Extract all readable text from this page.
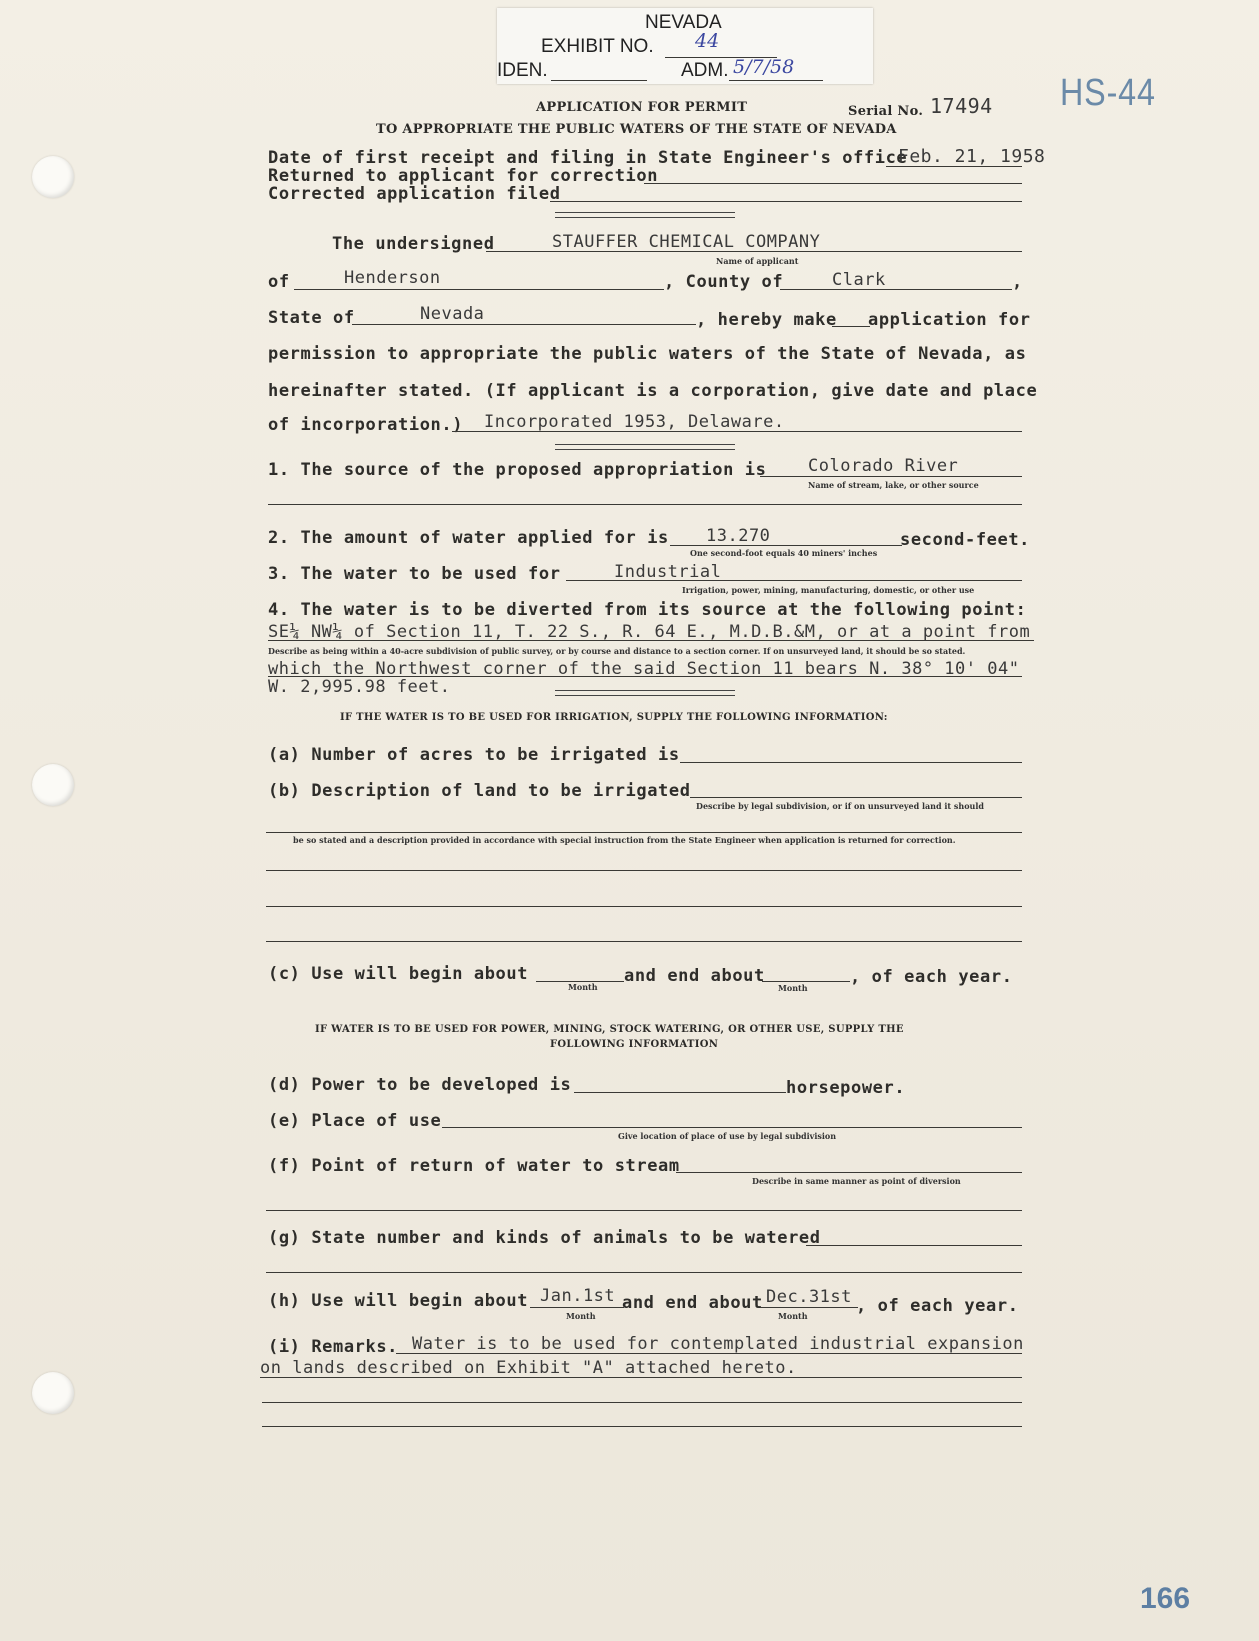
NEVADA
EXHIBIT NO. 44
IDEN.	ADM. 5/7/58
HS-44
APPLICATION FOR PERMIT	Serial No. 17494
TO APPROPRIATE THE PUBLIC WATERS OF THE STATE OF NEVADA
Date of first receipt and filing in State Engineer's office
Feb. 21, 1958
Returned to applicant for correction
Corrected application filed
The undersigned	STAUFFER CHEMICAL COMPANY
Name of applicant
of	Henderson	, County of	Clark	,
State of	Nevada	, hereby make application for
permission to appropriate the public waters of the State of Nevada, as
hereinafter stated. (If applicant is a corporation, give date and place
of incorporation.) Incorporated 1953, Delaware.
1. The source of the proposed appropriation is Colorado River
Name of stream, lake, or other source
2. The amount of water applied for is 13.270	second-feet.
One second-foot equals 40 miners' inches
3. The water to be used for	Industrial
Irrigation, power, mining, manufacturing, domestic, or other use
4. The water is to be diverted from its source at the following point:
SE¼ NW¼ of Section 11, T. 22 S., R. 64 E., M.D.B.&M, or at a point from
Describe as being within a 40-acre subdivision of public survey, or by course and distance to a section corner. If on unsurveyed land, it should be so stated.
which the Northwest corner of the said Section 11 bears N. 38° 10' 04"
W. 2,995.98 feet.
IF THE WATER IS TO BE USED FOR IRRIGATION, SUPPLY THE FOLLOWING INFORMATION:
(a) Number of acres to be irrigated is
(b) Description of land to be irrigated
Describe by legal subdivision, or if on unsurveyed land it should
be so stated and a description provided in accordance with special instruction from the State Engineer when application is returned for correction.
(c) Use will begin about
Month
and end about
Month
, of each year.
IF WATER IS TO BE USED FOR POWER, MINING, STOCK WATERING, OR OTHER USE, SUPPLY THE
FOLLOWING INFORMATION
(d) Power to be developed is	horsepower.
(e) Place of use
Give location of place of use by legal subdivision
(f) Point of return of water to stream
Describe in same manner as point of diversion
(g) State number and kinds of animals to be watered
(h) Use will begin about Jan.1st
Month
and end about Dec.31st
Month	, of each year.
(i) Remarks. Water is to be used for contemplated industrial expansion
on lands described on Exhibit "A" attached hereto.
166
